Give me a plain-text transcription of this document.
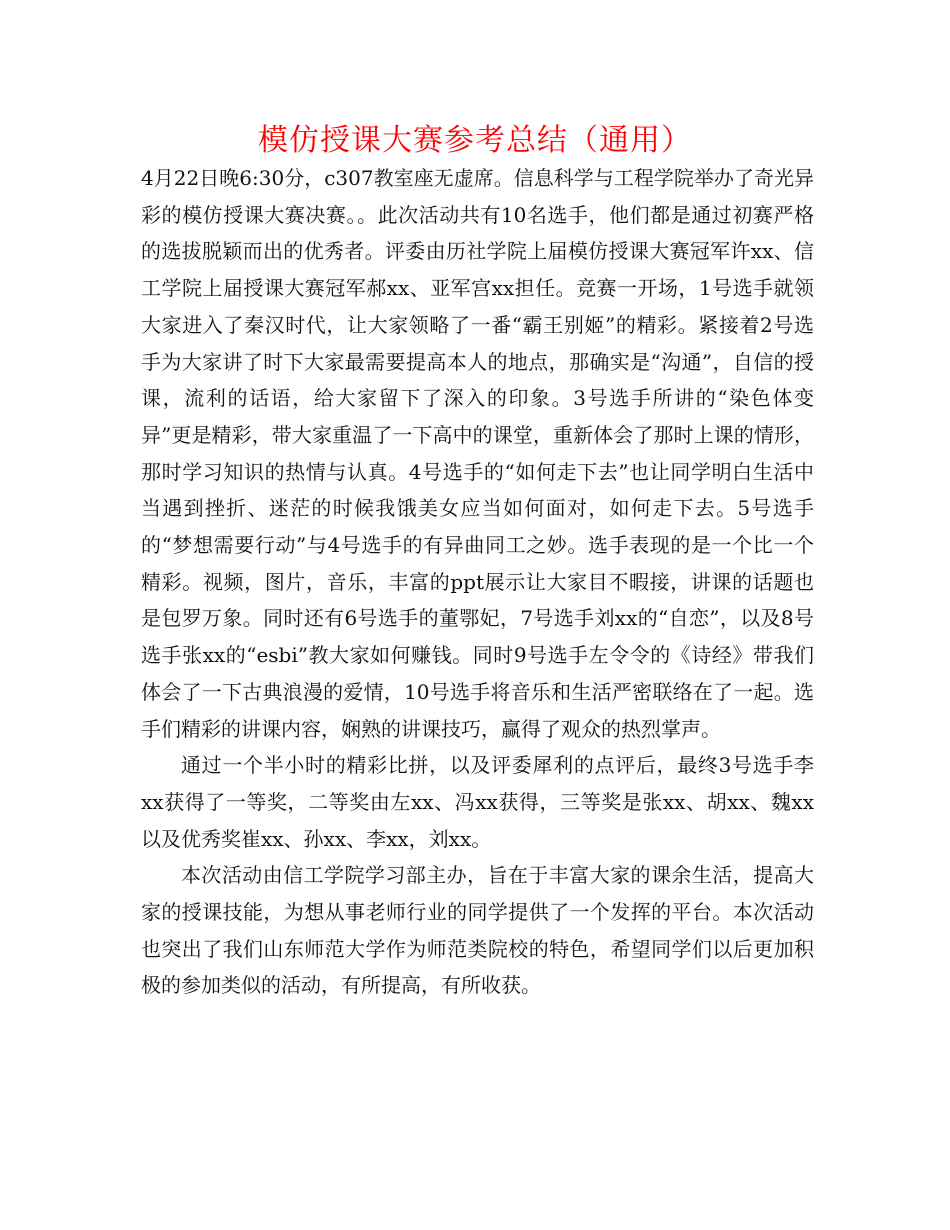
模仿授课大赛参考总结（通用）

4月22日晚6:30分，c307教室座无虚席。信息科学与工程学院举办了奇光异彩的模仿授课大赛决赛。。此次活动共有10名选手，他们都是通过初赛严格的选拔脱颖而出的优秀者。评委由历社学院上届模仿授课大赛冠军许xx、信工学院上届授课大赛冠军郝xx、亚军宫xx担任。竞赛一开场，1号选手就领大家进入了秦汉时代，让大家领略了一番“霸王别姬”的精彩。紧接着2号选手为大家讲了时下大家最需要提高本人的地点，那确实是“沟通”，自信的授课，流利的话语，给大家留下了深入的印象。3号选手所讲的“染色体变异”更是精彩，带大家重温了一下高中的课堂，重新体会了那时上课的情形，那时学习知识的热情与认真。4号选手的“如何走下去”也让同学明白生活中当遇到挫折、迷茫的时候我饿美女应当如何面对，如何走下去。5号选手的“梦想需要行动”与4号选手的有异曲同工之妙。选手表现的是一个比一个精彩。视频，图片，音乐，丰富的ppt展示让大家目不暇接，讲课的话题也是包罗万象。同时还有6号选手的董鄂妃，7号选手刘xx的“自恋”，以及8号选手张xx的“esbi”教大家如何赚钱。同时9号选手左令令的《诗经》带我们体会了一下古典浪漫的爱情，10号选手将音乐和生活严密联络在了一起。选手们精彩的讲课内容，娴熟的讲课技巧，赢得了观众的热烈掌声。

通过一个半小时的精彩比拼，以及评委犀利的点评后，最终3号选手李xx获得了一等奖，二等奖由左xx、冯xx获得，三等奖是张xx、胡xx、魏xx以及优秀奖崔xx、孙xx、李xx，刘xx。

本次活动由信工学院学习部主办，旨在于丰富大家的课余生活，提高大家的授课技能，为想从事老师行业的同学提供了一个发挥的平台。本次活动也突出了我们山东师范大学作为师范类院校的特色，希望同学们以后更加积极的参加类似的活动，有所提高，有所收获。
